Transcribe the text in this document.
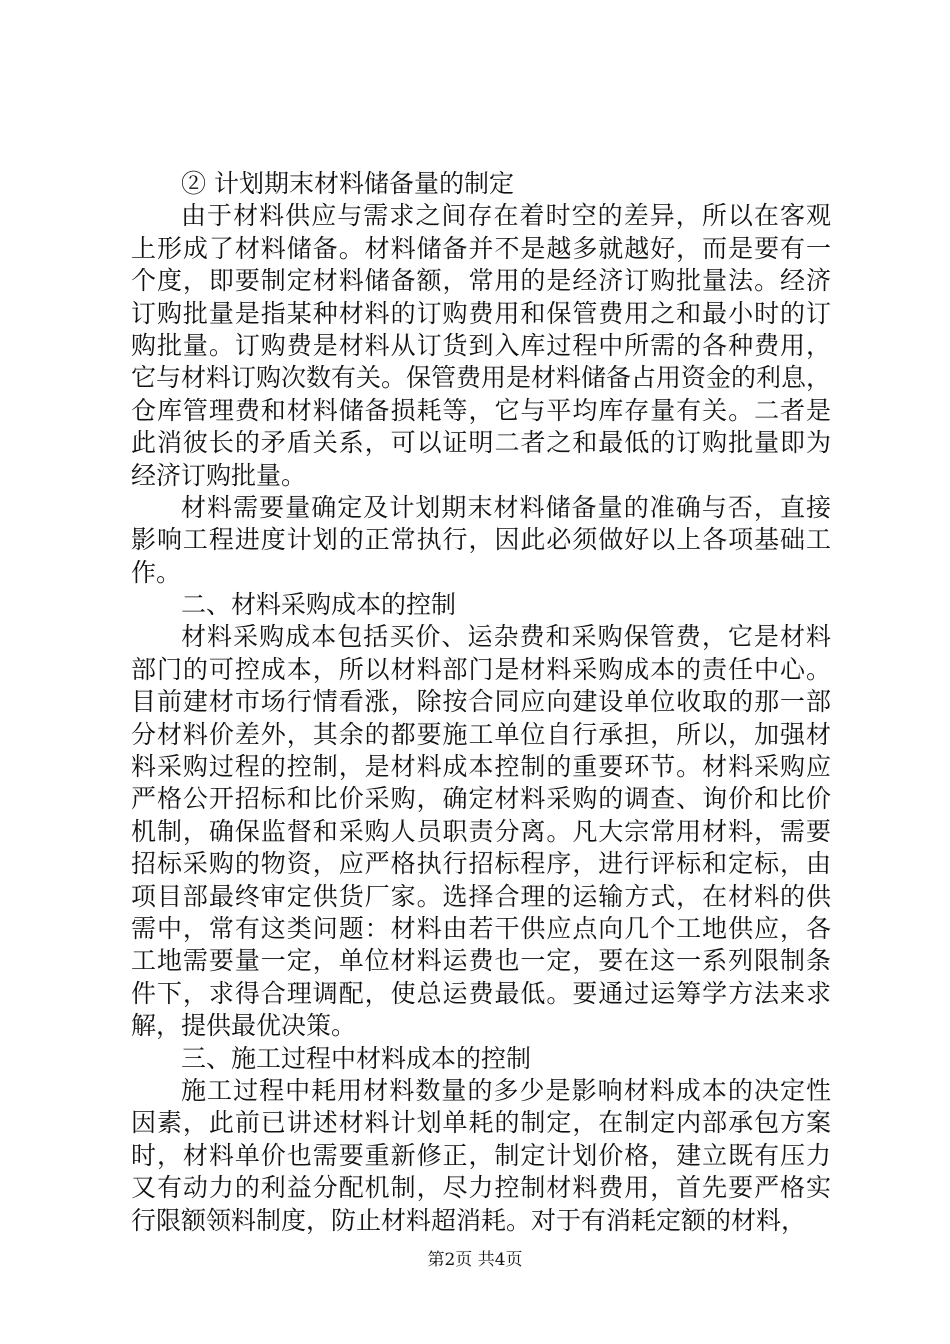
② 计划期末材料储备量的制定
由于材料供应与需求之间存在着时空的差异，所以在客观
上形成了材料储备。材料储备并不是越多就越好，而是要有一
个度，即要制定材料储备额，常用的是经济订购批量法。经济
订购批量是指某种材料的订购费用和保管费用之和最小时的订
购批量。订购费是材料从订货到入库过程中所需的各种费用，
它与材料订购次数有关。保管费用是材料储备占用资金的利息，
仓库管理费和材料储备损耗等，它与平均库存量有关。二者是
此消彼长的矛盾关系，可以证明二者之和最低的订购批量即为
经济订购批量。
材料需要量确定及计划期末材料储备量的准确与否，直接
影响工程进度计划的正常执行，因此必须做好以上各项基础工
作。
二、材料采购成本的控制
材料采购成本包括买价、运杂费和采购保管费，它是材料
部门的可控成本，所以材料部门是材料采购成本的责任中心。
目前建材市场行情看涨，除按合同应向建设单位收取的那一部
分材料价差外，其余的都要施工单位自行承担，所以，加强材
料采购过程的控制，是材料成本控制的重要环节。材料采购应
严格公开招标和比价采购，确定材料采购的调查、询价和比价
机制，确保监督和采购人员职责分离。凡大宗常用材料，需要
招标采购的物资，应严格执行招标程序，进行评标和定标，由
项目部最终审定供货厂家。选择合理的运输方式，在材料的供
需中，常有这类问题：材料由若干供应点向几个工地供应，各
工地需要量一定，单位材料运费也一定，要在这一系列限制条
件下，求得合理调配，使总运费最低。要通过运筹学方法来求
解，提供最优决策。
三、施工过程中材料成本的控制
施工过程中耗用材料数量的多少是影响材料成本的决定性
因素，此前已讲述材料计划单耗的制定，在制定内部承包方案
时，材料单价也需要重新修正，制定计划价格，建立既有压力
又有动力的利益分配机制，尽力控制材料费用，首先要严格实
行限额领料制度，防止材料超消耗。对于有消耗定额的材料，
第2页 共4页
